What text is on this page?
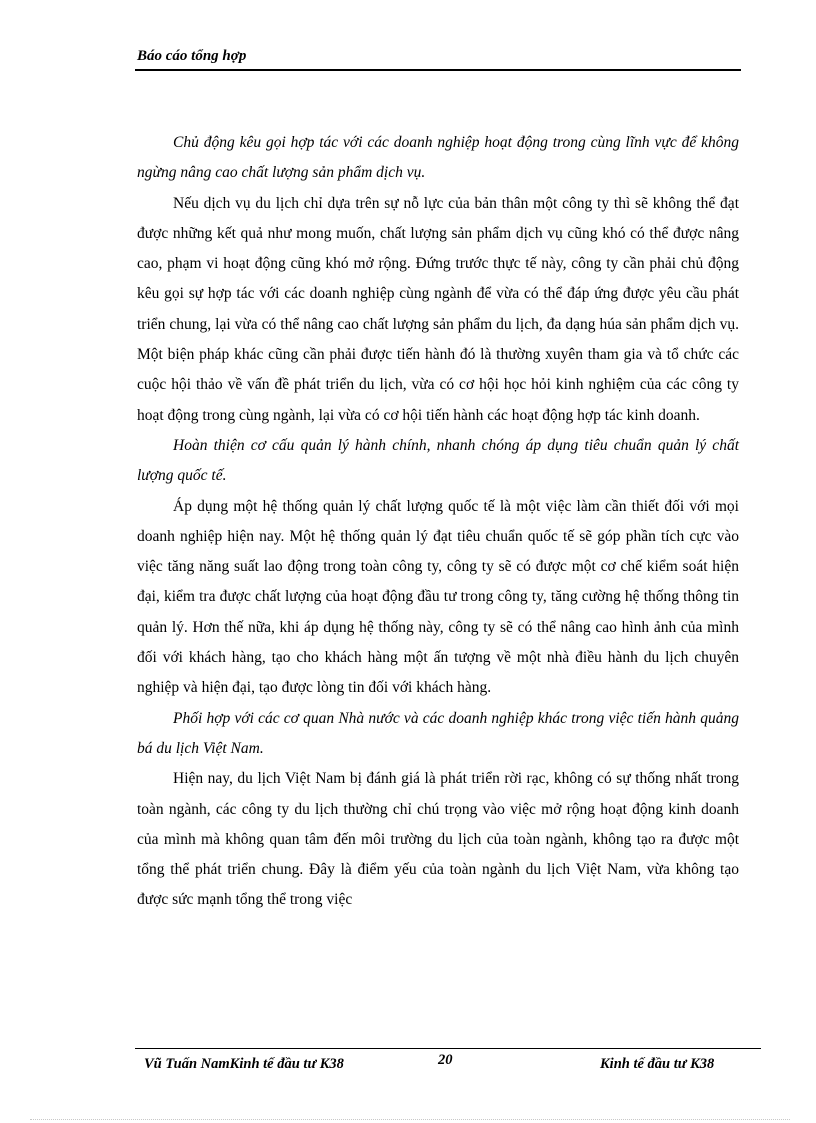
Báo cáo tổng hợp

Chủ động kêu gọi hợp tác với các doanh nghiệp hoạt động trong cùng lĩnh vực để không ngừng nâng cao chất lượng sản phẩm dịch vụ.

Nếu dịch vụ du lịch chỉ dựa trên sự nỗ lực của bản thân một công ty thì sẽ không thể đạt được những kết quả như mong muốn, chất lượng sản phẩm dịch vụ cũng khó có thể được nâng cao, phạm vi hoạt động cũng khó mở rộng. Đứng trước thực tế này, công ty cần phải chủ động kêu gọi sự hợp tác với các doanh nghiệp cùng ngành để vừa có thể đáp ứng được yêu cầu phát triển chung, lại vừa có thể nâng cao chất lượng sản phẩm du lịch, đa dạng húa sản phẩm dịch vụ. Một biện pháp khác cũng cần phải được tiến hành đó là thường xuyên tham gia và tổ chức các cuộc hội thảo về vấn đề phát triển du lịch, vừa có cơ hội học hỏi kinh nghiệm của các công ty hoạt động trong cùng ngành, lại vừa có cơ hội tiến hành các hoạt động hợp tác kinh doanh.

Hoàn thiện cơ cấu quản lý hành chính, nhanh chóng áp dụng tiêu chuẩn quản lý chất lượng quốc tế.

Áp dụng một hệ thống quản lý chất lượng quốc tế là một việc làm cần thiết đối với mọi doanh nghiệp hiện nay. Một hệ thống quản lý đạt tiêu chuẩn quốc tế sẽ góp phần tích cực vào việc tăng năng suất lao động trong toàn công ty, công ty sẽ có được một cơ chế kiểm soát hiện đại, kiểm tra được chất lượng của hoạt động đầu tư trong công ty, tăng cường hệ thống thông tin quản lý. Hơn thế nữa, khi áp dụng hệ thống này, công ty sẽ có thể nâng cao hình ảnh của mình đối với khách hàng, tạo cho khách hàng một ấn tượng về một nhà điều hành du lịch chuyên nghiệp và hiện đại, tạo được lòng tin đối với khách hàng.

Phối hợp với các cơ quan Nhà nước và các doanh nghiệp khác trong việc tiến hành quảng bá du lịch Việt Nam.

Hiện nay, du lịch Việt Nam bị đánh giá là phát triển rời rạc, không có sự thống nhất trong toàn ngành, các công ty du lịch thường chỉ chú trọng vào việc mở rộng hoạt động kinh doanh của mình mà không quan tâm đến môi trường du lịch của toàn ngành, không tạo ra được một tổng thể phát triển chung. Đây là điểm yếu của toàn ngành du lịch Việt Nam, vừa không tạo được sức mạnh tổng thể trong việc

Vũ Tuấn NamKinh tế đầu tư K38	20	Kinh tế đầu tư K38
